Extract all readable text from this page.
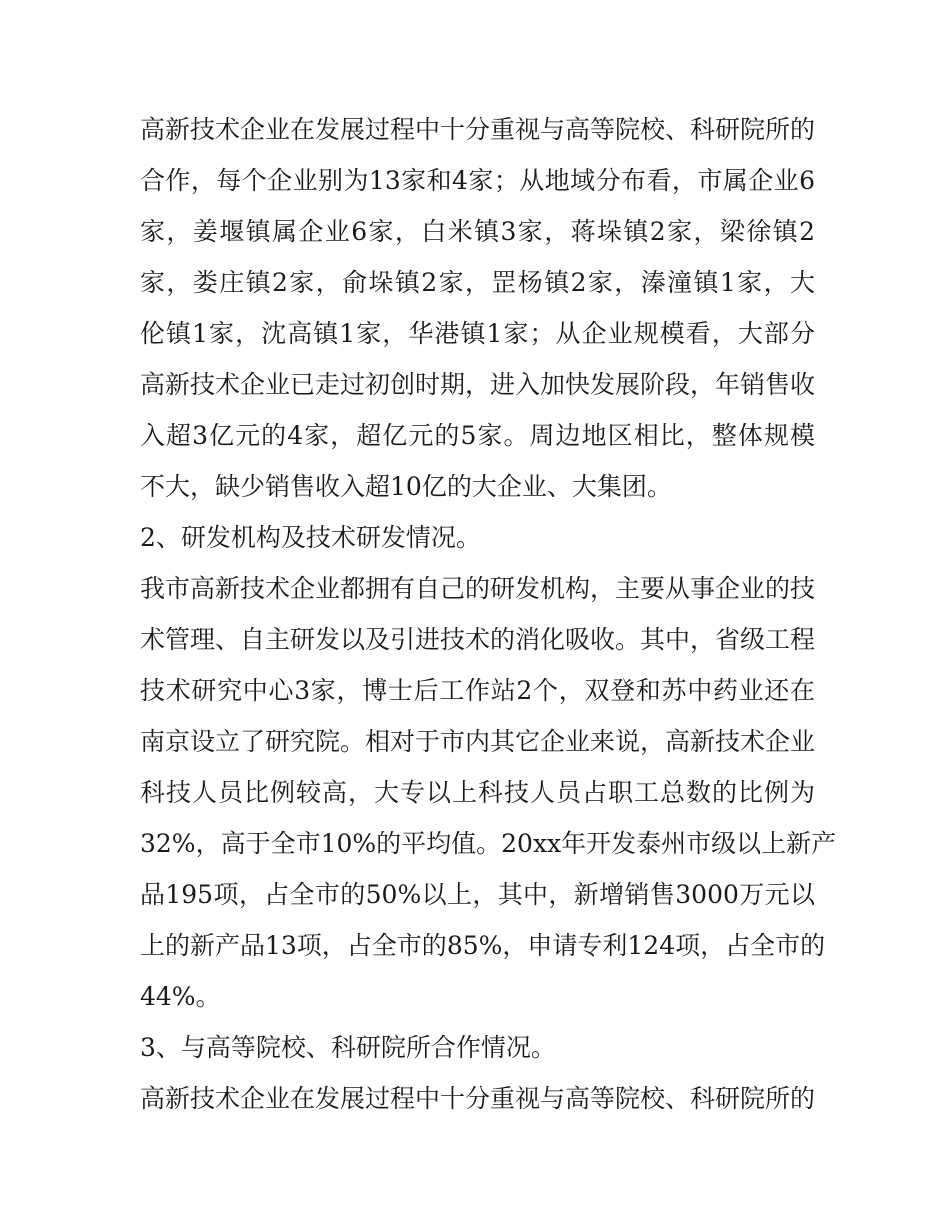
高新技术企业在发展过程中十分重视与高等院校、科研院所的
合作，每个企业别为13家和4家；从地域分布看，市属企业6
家，姜堰镇属企业6家，白米镇3家，蒋垛镇2家，梁徐镇2
家，娄庄镇2家，俞垛镇2家，罡杨镇2家，溱潼镇1家，大
伦镇1家，沈高镇1家，华港镇1家；从企业规模看，大部分
高新技术企业已走过初创时期，进入加快发展阶段，年销售收
入超3亿元的4家，超亿元的5家。周边地区相比，整体规模
不大，缺少销售收入超10亿的大企业、大集团。
2、研发机构及技术研发情况。
我市高新技术企业都拥有自己的研发机构，主要从事企业的技
术管理、自主研发以及引进技术的消化吸收。其中，省级工程
技术研究中心3家，博士后工作站2个，双登和苏中药业还在
南京设立了研究院。相对于市内其它企业来说，高新技术企业
科技人员比例较高，大专以上科技人员占职工总数的比例为
32%，高于全市10%的平均值。20xx年开发泰州市级以上新产
品195项，占全市的50%以上，其中，新增销售3000万元以
上的新产品13项，占全市的85%，申请专利124项，占全市的
44%。
3、与高等院校、科研院所合作情况。
高新技术企业在发展过程中十分重视与高等院校、科研院所的
